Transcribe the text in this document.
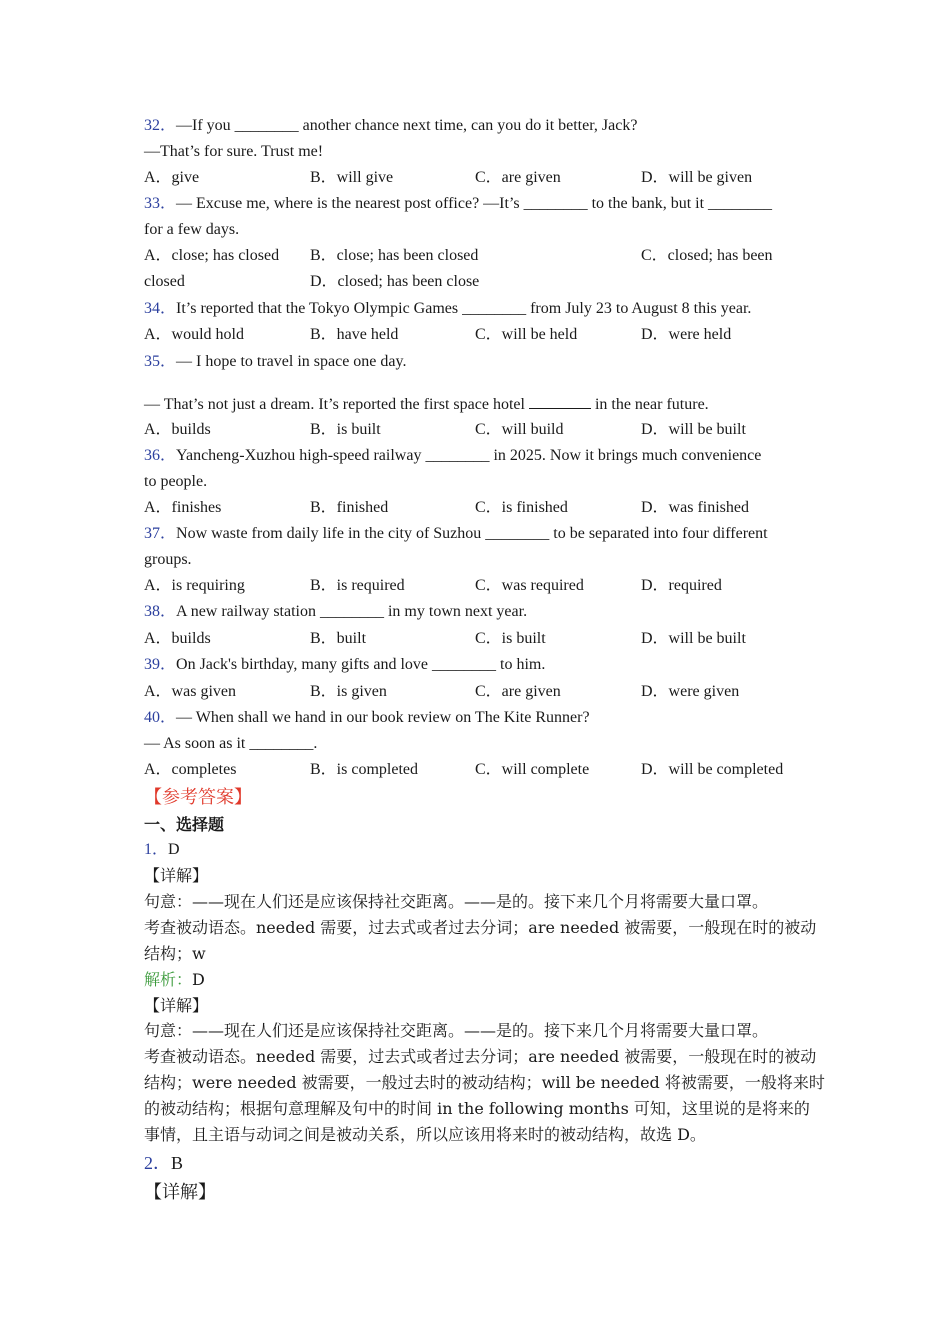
32．—If you ________ another chance next time, can you do it better, Jack?
—That’s for sure. Trust me!
A．give	B．will give	C．are given	D．will be given
33．— Excuse me, where is the nearest post office? —It’s ________ to the bank, but it ________
for a few days.
A．close; has closed B．close; has been closed	C．closed; has been
closed	D．closed; has been close
34．It’s reported that the Tokyo Olympic Games ________ from July 23 to August 8 this year.
A．would hold	B．have held	C．will be held	D．were held
35．— I hope to travel in space one day.
— That’s not just a dream. It’s reported the first space hotel	in the near future.
A．builds	B．is built	C．will build	D．will be built
36．Yancheng-Xuzhou high-speed railway ________ in 2025. Now it brings much convenience
to people.
A．finishes	B．finished	C．is finished	D．was finished
37．Now waste from daily life in the city of Suzhou ________ to be separated into four different
groups.
A．is requiring	B．is required	C．was required	D．required
38．A new railway station ________ in my town next year.
A．builds	B．built	C．is built	D．will be built
39．On Jack's birthday, many gifts and love ________ to him.
A．was given	B．is given	C．are given	D．were given
40．— When shall we hand in our book review on The Kite Runner?
— As soon as it ________.
A．completes	B．is completed	C．will complete	D．will be completed
【参考答案】
一、选择题
1．D
【详解】
句意：——现在人们还是应该保持社交距离。——是的。接下来几个月将需要大量口罩。
考查被动语态。needed 需要，过去式或者过去分词；are needed 被需要，一般现在时的被动
结构；w
解析：D
【详解】
句意：——现在人们还是应该保持社交距离。——是的。接下来几个月将需要大量口罩。
考查被动语态。needed 需要，过去式或者过去分词；are needed 被需要，一般现在时的被动
结构；were needed 被需要，一般过去时的被动结构；will be needed 将被需要，一般将来时
的被动结构；根据句意理解及句中的时间 in the following months 可知，这里说的是将来的
事情，且主语与动词之间是被动关系，所以应该用将来时的被动结构，故选 D。
2．B
【详解】
